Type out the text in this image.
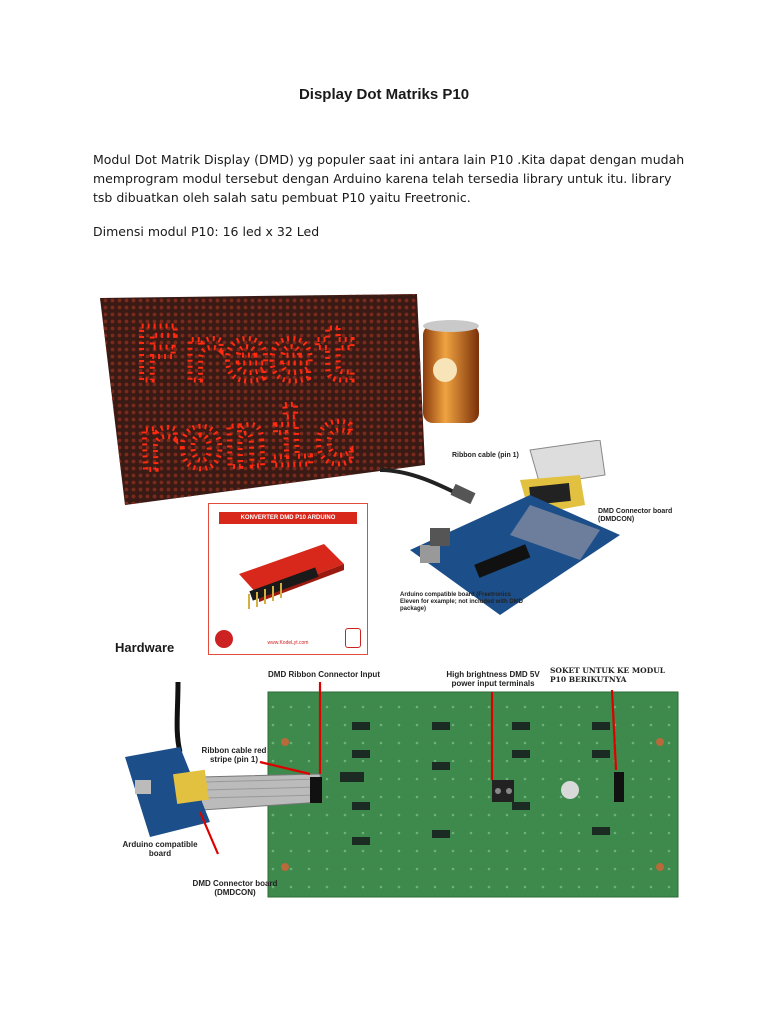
Display Dot Matriks P10
Modul Dot Matrik Display (DMD) yg populer saat ini antara lain P10 .Kita dapat dengan mudah memprogram modul tersebut dengan Arduino karena telah tersedia library untuk itu. library tsb dibuatkan oleh salah satu pembuat P10 yaitu Freetronic.
Dimensi modul P10: 16 led x 32 Led
Freet
ronic
KONVERTER DMD P10 ARDUINO
www.KodeLyt.com
Ribbon cable (pin 1)
DMD Connector board (DMDCON)
Arduino compatible board (Freetronics Eleven for example; not included with DMD package)
Hardware
DMD Ribbon Connector Input	High brightness DMD 5V power input terminals
SOKET UNTUK KE MODUL P10 BERIKUTNYA
Ribbon cable red stripe (pin 1)
Arduino compatible board
DMD Connector board (DMDCON)
